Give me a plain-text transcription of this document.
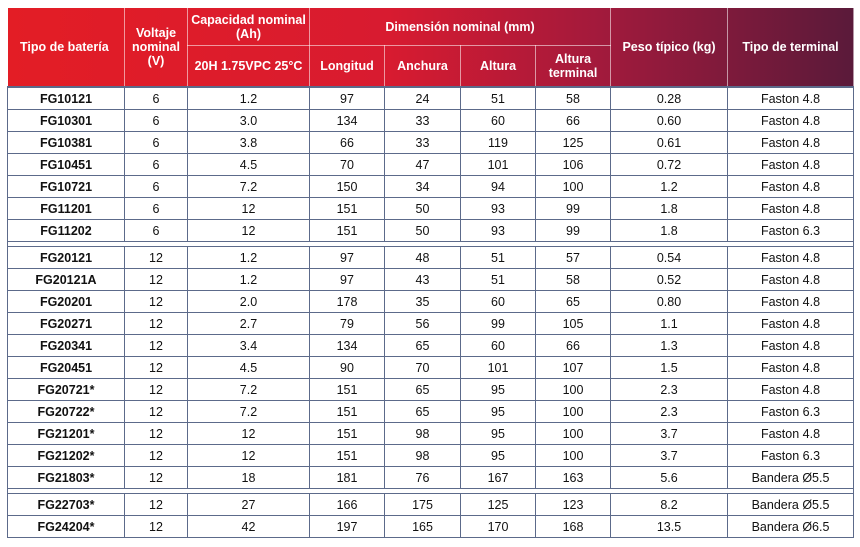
Tipo de batería	Voltaje nominal (V)	Capacidad nominal (Ah)	Dimensión nominal (mm)				Peso típico (kg)	Tipo de terminal
		20H 1.75VPC 25°C	Longitud	Anchura	Altura	Altura terminal		
FG10121	6	1.2	97	24	51	58	0.28	Faston 4.8
FG10301	6	3.0	134	33	60	66	0.60	Faston 4.8
FG10381	6	3.8	66	33	119	125	0.61	Faston 4.8
FG10451	6	4.5	70	47	101	106	0.72	Faston 4.8
FG10721	6	7.2	150	34	94	100	1.2	Faston 4.8
FG11201	6	12	151	50	93	99	1.8	Faston 4.8
FG11202	6	12	151	50	93	99	1.8	Faston 6.3

FG20121	12	1.2	97	48	51	57	0.54	Faston 4.8
FG20121A	12	1.2	97	43	51	58	0.52	Faston 4.8
FG20201	12	2.0	178	35	60	65	0.80	Faston 4.8
FG20271	12	2.7	79	56	99	105	1.1	Faston 4.8
FG20341	12	3.4	134	65	60	66	1.3	Faston 4.8
FG20451	12	4.5	90	70	101	107	1.5	Faston 4.8
FG20721*	12	7.2	151	65	95	100	2.3	Faston 4.8
FG20722*	12	7.2	151	65	95	100	2.3	Faston 6.3
FG21201*	12	12	151	98	95	100	3.7	Faston 4.8
FG21202*	12	12	151	98	95	100	3.7	Faston 6.3
FG21803*	12	18	181	76	167	163	5.6	Bandera Ø5.5

FG22703*	12	27	166	175	125	123	8.2	Bandera Ø5.5
FG24204*	12	42	197	165	170	168	13.5	Bandera Ø6.5
